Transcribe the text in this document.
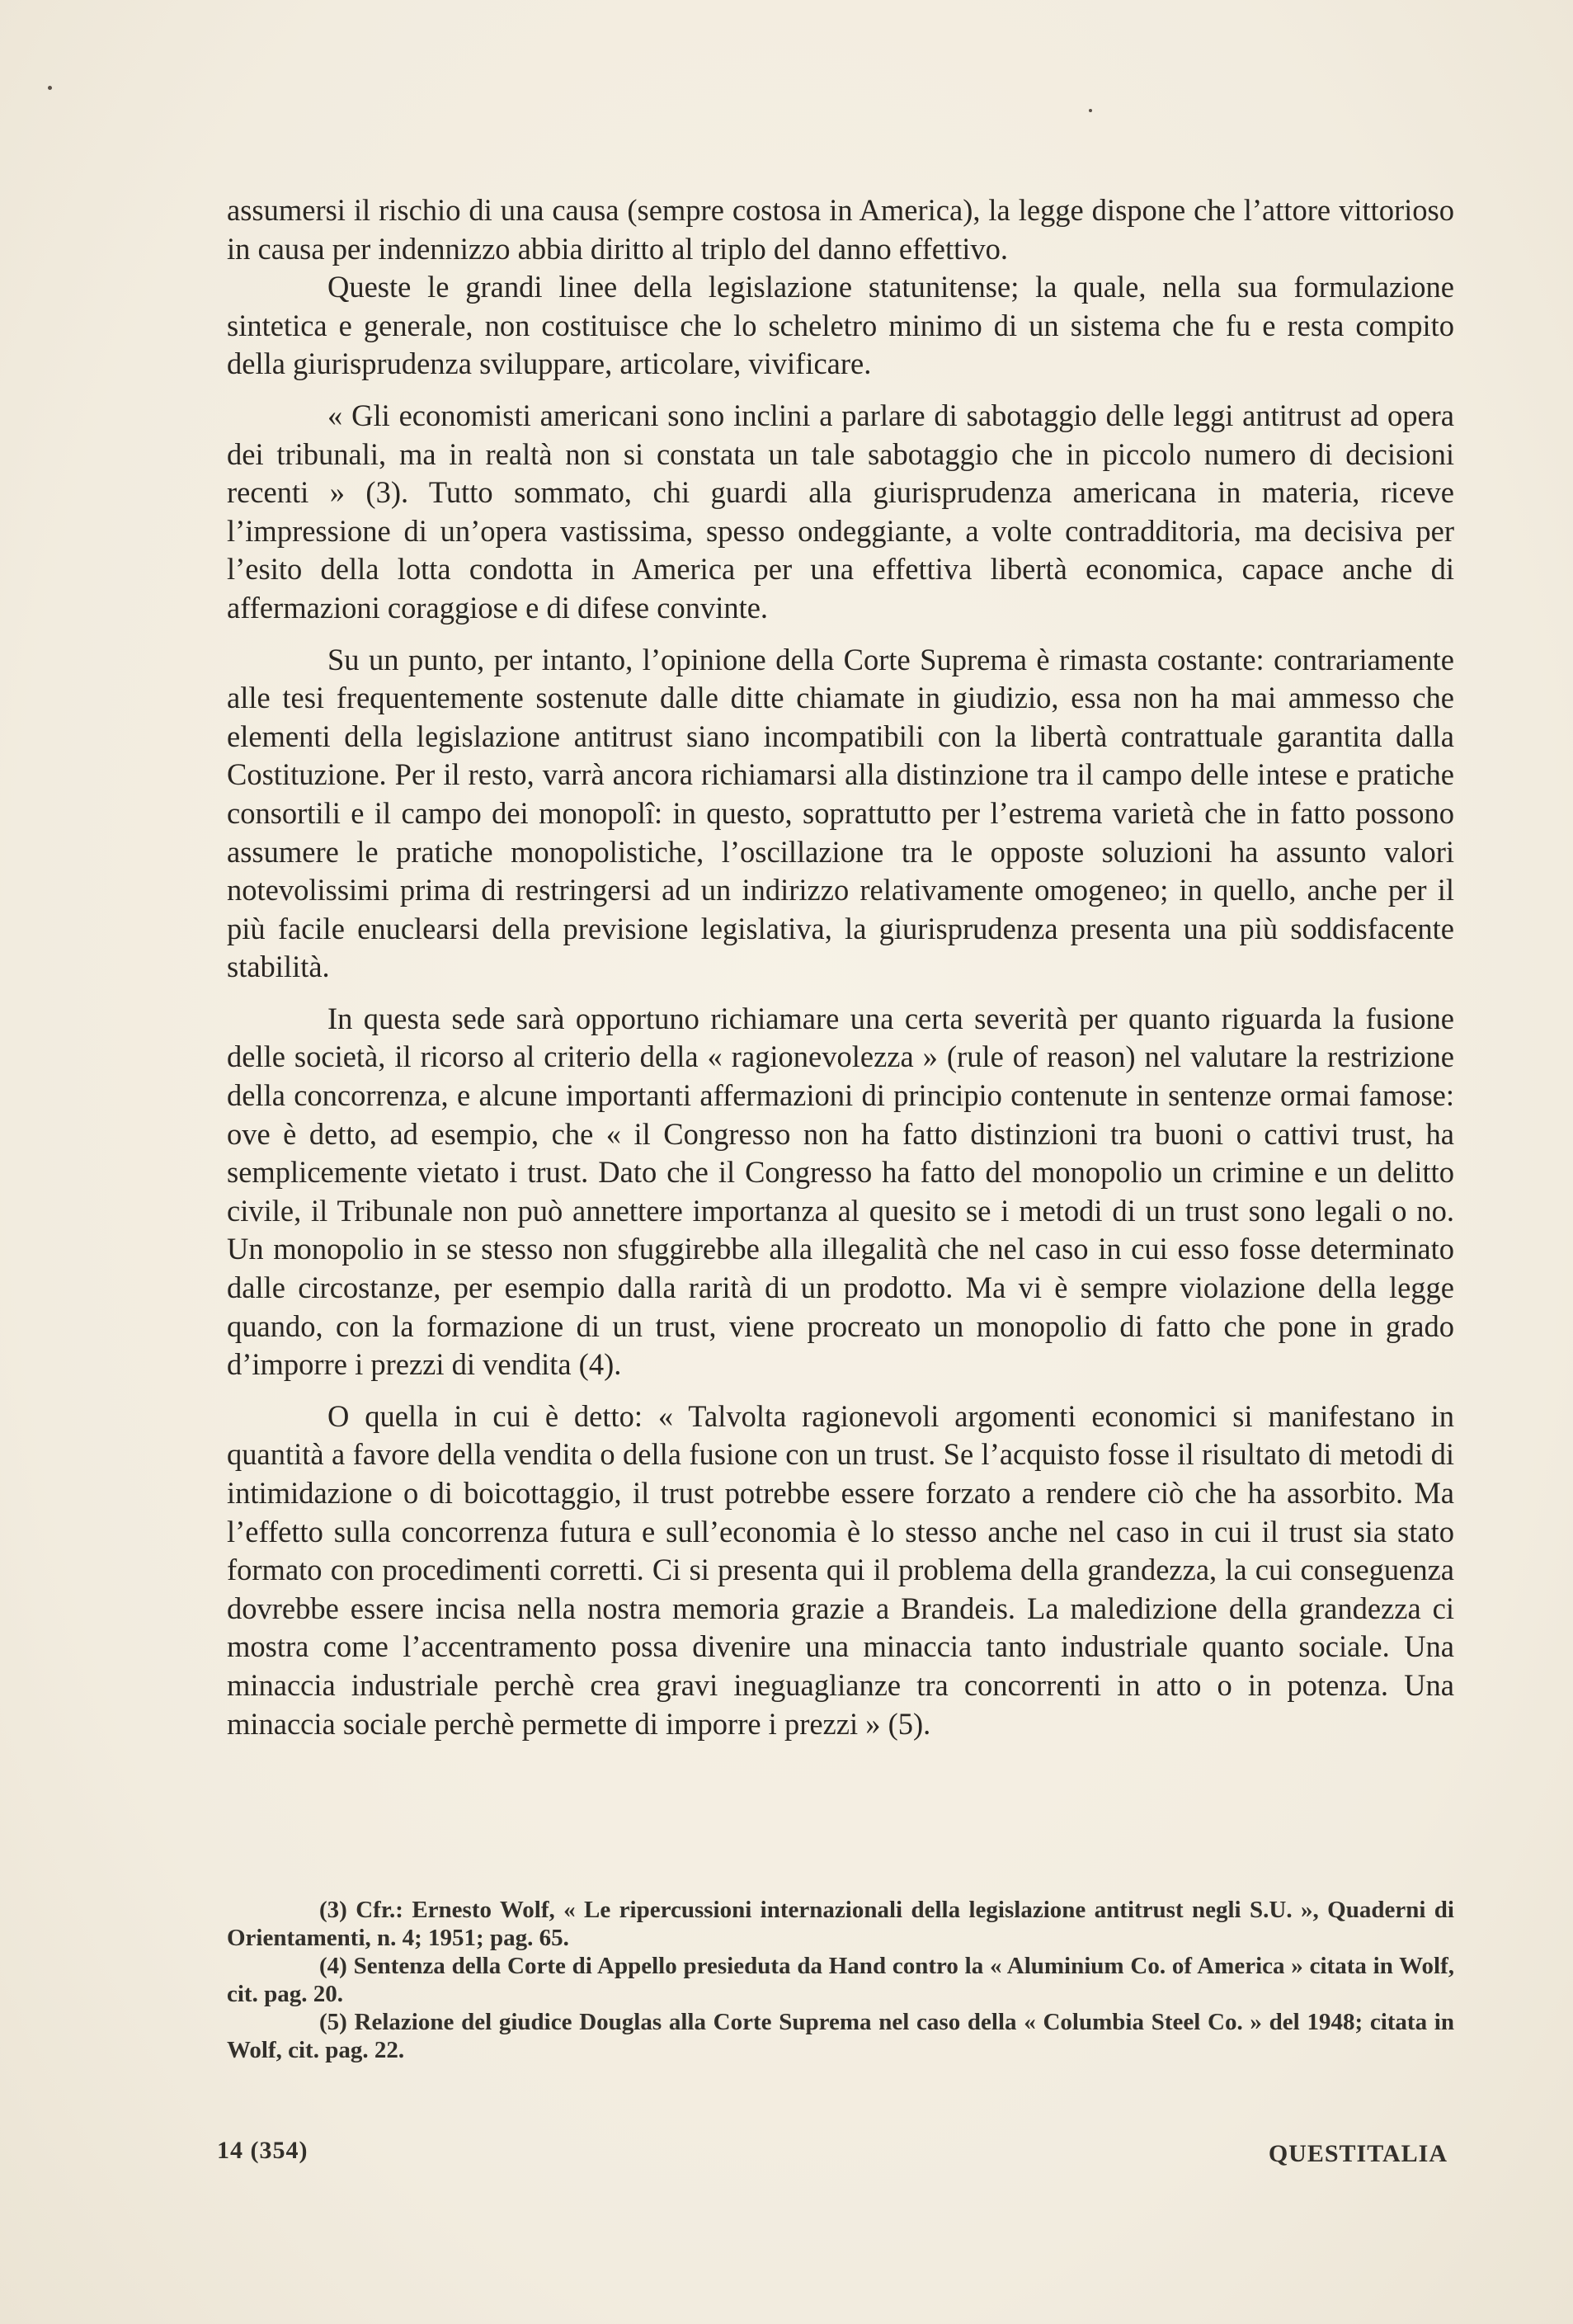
assumersi il rischio di una causa (sempre costosa in America), la legge dispone che l’attore vittorioso in causa per indennizzo abbia diritto al triplo del danno effettivo.

Queste le grandi linee della legislazione statunitense; la quale, nella sua formulazione sintetica e generale, non costituisce che lo scheletro minimo di un sistema che fu e resta compito della giurisprudenza sviluppare, articolare, vivificare.

« Gli economisti americani sono inclini a parlare di sabotaggio delle leggi antitrust ad opera dei tribunali, ma in realtà non si constata un tale sabotaggio che in piccolo numero di decisioni recenti » (3). Tutto sommato, chi guardi alla giurisprudenza americana in materia, riceve l’impressione di un’opera vastissima, spesso ondeggiante, a volte contradditoria, ma decisiva per l’esito della lotta condotta in America per una effettiva libertà economica, capace anche di affermazioni coraggiose e di difese convinte.

Su un punto, per intanto, l’opinione della Corte Suprema è rimasta costante: contrariamente alle tesi frequentemente sostenute dalle ditte chiamate in giudizio, essa non ha mai ammesso che elementi della legislazione antitrust siano incompatibili con la libertà contrattuale garantita dalla Costituzione. Per il resto, varrà ancora richiamarsi alla distinzione tra il campo delle intese e pratiche consortili e il campo dei monopolî: in questo, soprattutto per l’estrema varietà che in fatto possono assumere le pratiche monopolistiche, l’oscillazione tra le opposte soluzioni ha assunto valori notevolissimi prima di restringersi ad un indirizzo relativamente omogeneo; in quello, anche per il più facile enuclearsi della previsione legislativa, la giurisprudenza presenta una più soddisfacente stabilità.

In questa sede sarà opportuno richiamare una certa severità per quanto riguarda la fusione delle società, il ricorso al criterio della « ragionevolezza » (rule of reason) nel valutare la restrizione della concorrenza, e alcune importanti affermazioni di principio contenute in sentenze ormai famose: ove è detto, ad esempio, che « il Congresso non ha fatto distinzioni tra buoni o cattivi trust, ha semplicemente vietato i trust. Dato che il Congresso ha fatto del monopolio un crimine e un delitto civile, il Tribunale non può annettere importanza al quesito se i metodi di un trust sono legali o no. Un monopolio in se stesso non sfuggirebbe alla illegalità che nel caso in cui esso fosse determinato dalle circostanze, per esempio dalla rarità di un prodotto. Ma vi è sempre violazione della legge quando, con la formazione di un trust, viene procreato un monopolio di fatto che pone in grado d’imporre i prezzi di vendita (4).

O quella in cui è detto: « Talvolta ragionevoli argomenti economici si manifestano in quantità a favore della vendita o della fusione con un trust. Se l’acquisto fosse il risultato di metodi di intimidazione o di boicottaggio, il trust potrebbe essere forzato a rendere ciò che ha assorbito. Ma l’effetto sulla concorrenza futura e sull’economia è lo stesso anche nel caso in cui il trust sia stato formato con procedimenti corretti. Ci si presenta qui il problema della grandezza, la cui conseguenza dovrebbe essere incisa nella nostra memoria grazie a Brandeis. La maledizione della grandezza ci mostra come l’accentramento possa divenire una minaccia tanto industriale quanto sociale. Una minaccia industriale perchè crea gravi ineguaglianze tra concorrenti in atto o in potenza. Una minaccia sociale perchè permette di imporre i prezzi » (5).

(3) Cfr.: Ernesto Wolf, « Le ripercussioni internazionali della legislazione antitrust negli S.U. », Quaderni di Orientamenti, n. 4; 1951; pag. 65.

(4) Sentenza della Corte di Appello presieduta da Hand contro la « Aluminium Co. of America » citata in Wolf, cit. pag. 20.

(5) Relazione del giudice Douglas alla Corte Suprema nel caso della « Columbia Steel Co. » del 1948; citata in Wolf, cit. pag. 22.

14 (354)	QUESTITALIA
